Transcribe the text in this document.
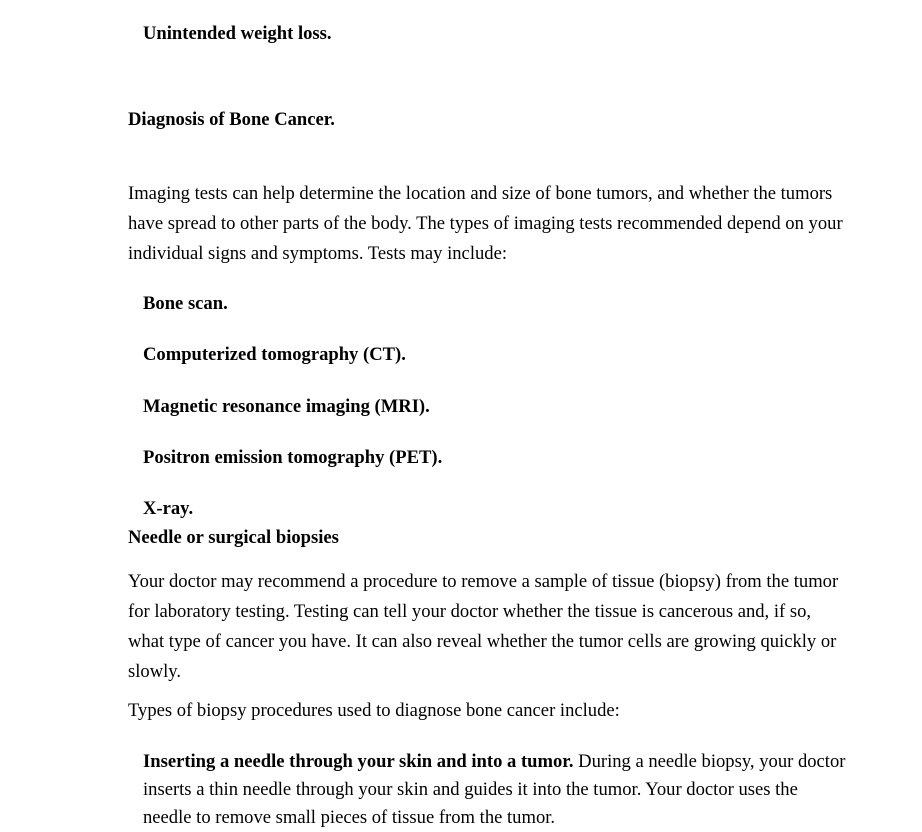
Unintended weight loss.

Diagnosis of Bone Cancer.

Imaging tests can help determine the location and size of bone tumors, and whether the tumors
have spread to other parts of the body. The types of imaging tests recommended depend on your
individual signs and symptoms. Tests may include:

Bone scan.

Computerized tomography (CT).

Magnetic resonance imaging (MRI).

Positron emission tomography (PET).

X-ray.

Needle or surgical biopsies

Your doctor may recommend a procedure to remove a sample of tissue (biopsy) from the tumor
for laboratory testing. Testing can tell your doctor whether the tissue is cancerous and, if so,
what type of cancer you have. It can also reveal whether the tumor cells are growing quickly or
slowly.

Types of biopsy procedures used to diagnose bone cancer include:

Inserting a needle through your skin and into a tumor. During a needle biopsy, your doctor
inserts a thin needle through your skin and guides it into the tumor. Your doctor uses the
needle to remove small pieces of tissue from the tumor.
